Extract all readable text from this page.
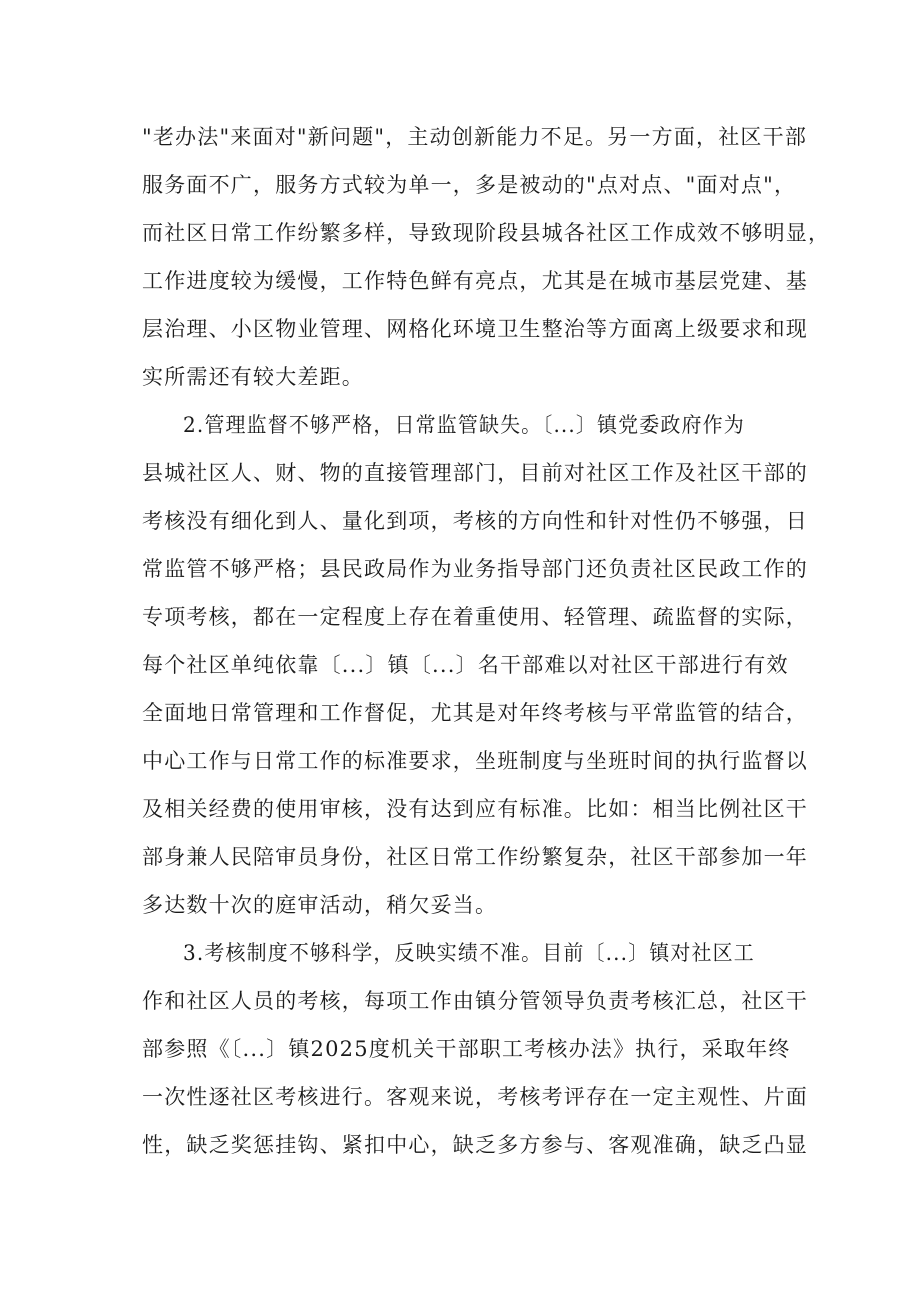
"老办法"来面对"新问题"，主动创新能力不足。另一方面，社区干部
服务面不广，服务方式较为单一，多是被动的"点对点、"面对点"，
而社区日常工作纷繁多样，导致现阶段县城各社区工作成效不够明显，
工作进度较为缓慢，工作特色鲜有亮点，尤其是在城市基层党建、基
层治理、小区物业管理、网格化环境卫生整治等方面离上级要求和现
实所需还有较大差距。
2.管理监督不够严格，日常监管缺失。〔...〕镇党委政府作为
县城社区人、财、物的直接管理部门，目前对社区工作及社区干部的
考核没有细化到人、量化到项，考核的方向性和针对性仍不够强，日
常监管不够严格；县民政局作为业务指导部门还负责社区民政工作的
专项考核，都在一定程度上存在着重使用、轻管理、疏监督的实际，
每个社区单纯依靠〔...〕镇〔...〕名干部难以对社区干部进行有效
全面地日常管理和工作督促，尤其是对年终考核与平常监管的结合，
中心工作与日常工作的标准要求，坐班制度与坐班时间的执行监督以
及相关经费的使用审核，没有达到应有标准。比如：相当比例社区干
部身兼人民陪审员身份，社区日常工作纷繁复杂，社区干部参加一年
多达数十次的庭审活动，稍欠妥当。
3.考核制度不够科学，反映实绩不准。目前〔...〕镇对社区工
作和社区人员的考核，每项工作由镇分管领导负责考核汇总，社区干
部参照《〔...〕镇2025度机关干部职工考核办法》执行，采取年终
一次性逐社区考核进行。客观来说，考核考评存在一定主观性、片面
性，缺乏奖惩挂钩、紧扣中心，缺乏多方参与、客观准确，缺乏凸显
